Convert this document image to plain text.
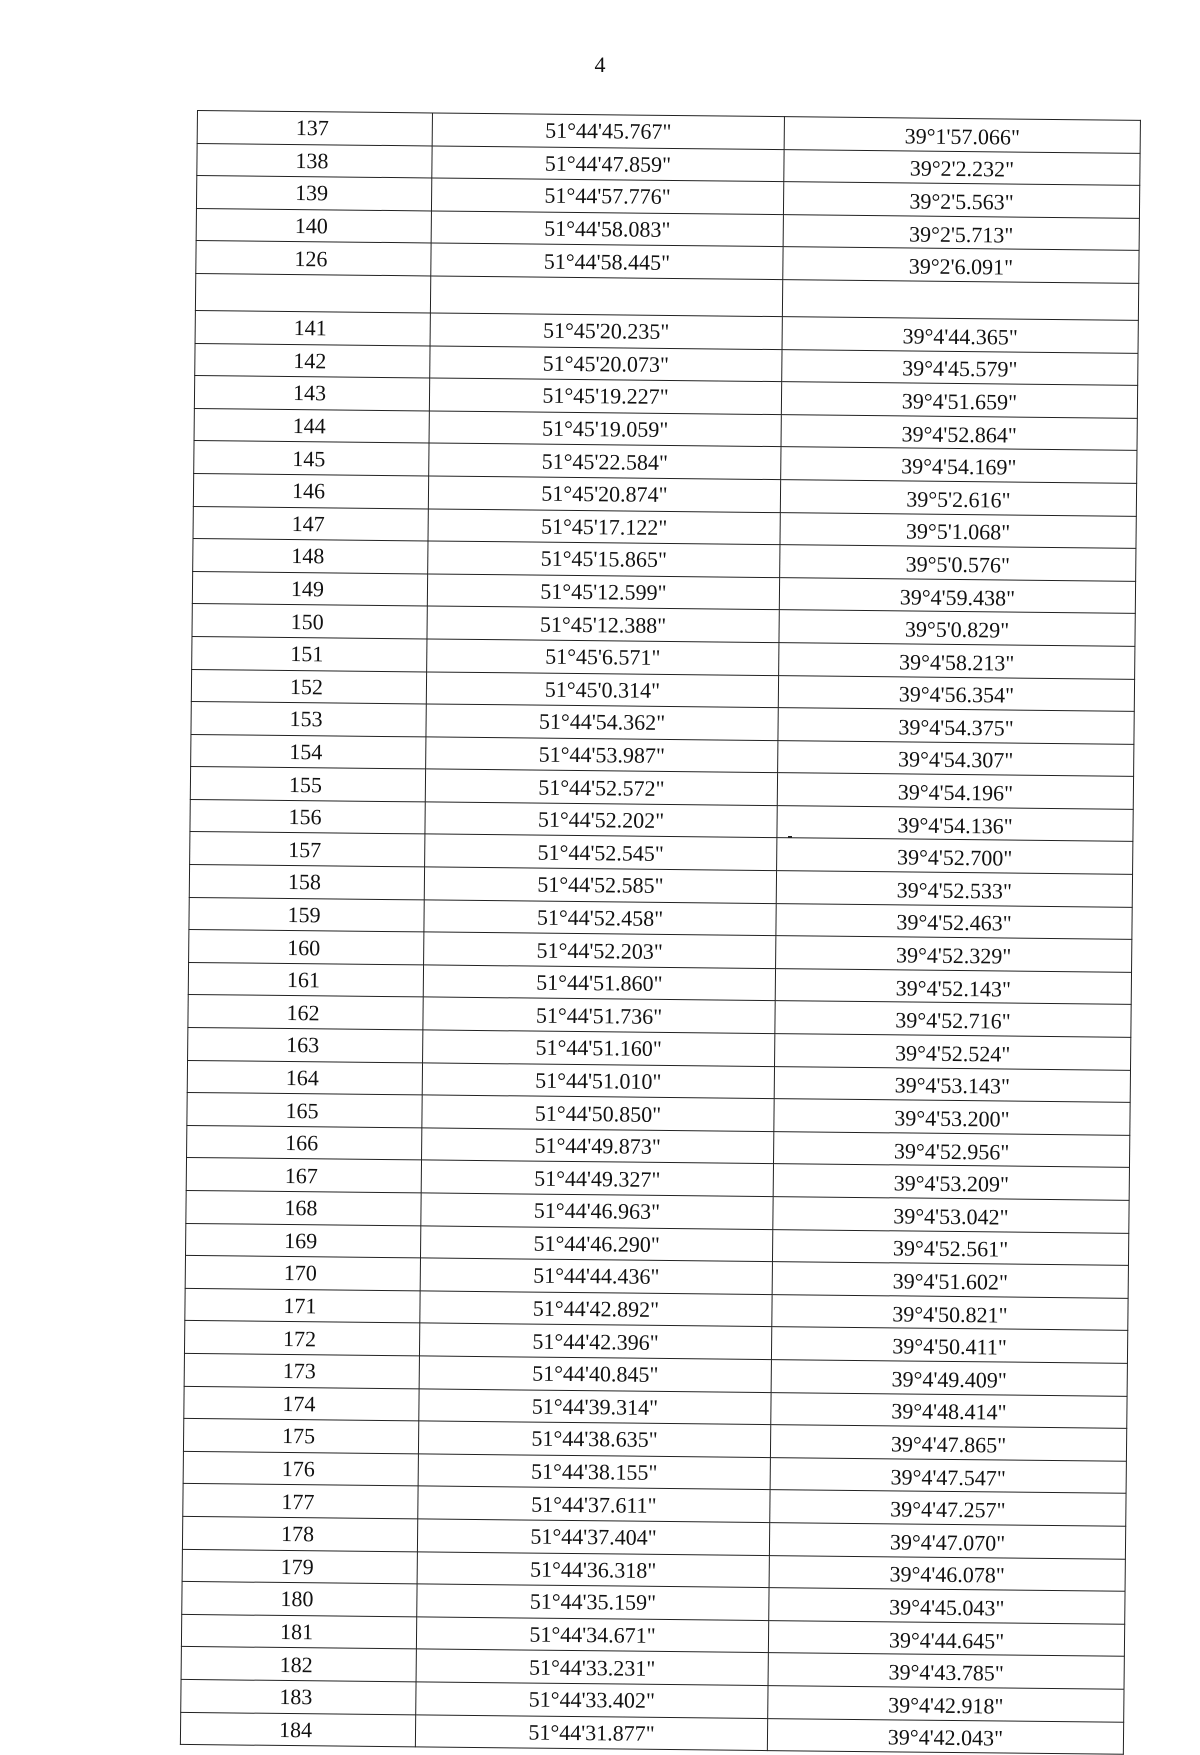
4
137	51°44'45.767"	39°1'57.066"
138	51°44'47.859"	39°2'2.232"
139	51°44'57.776"	39°2'5.563"
140	51°44'58.083"	39°2'5.713"
126	51°44'58.445"	39°2'6.091"

141	51°45'20.235"	39°4'44.365"
142	51°45'20.073"	39°4'45.579"
143	51°45'19.227"	39°4'51.659"
144	51°45'19.059"	39°4'52.864"
145	51°45'22.584"	39°4'54.169"
146	51°45'20.874"	39°5'2.616"
147	51°45'17.122"	39°5'1.068"
148	51°45'15.865"	39°5'0.576"
149	51°45'12.599"	39°4'59.438"
150	51°45'12.388"	39°5'0.829"
151	51°45'6.571"	39°4'58.213"
152	51°45'0.314"	39°4'56.354"
153	51°44'54.362"	39°4'54.375"
154	51°44'53.987"	39°4'54.307"
155	51°44'52.572"	39°4'54.196"
156	51°44'52.202"	39°4'54.136"
157	51°44'52.545"	39°4'52.700"
158	51°44'52.585"	39°4'52.533"
159	51°44'52.458"	39°4'52.463"
160	51°44'52.203"	39°4'52.329"
161	51°44'51.860"	39°4'52.143"
162	51°44'51.736"	39°4'52.716"
163	51°44'51.160"	39°4'52.524"
164	51°44'51.010"	39°4'53.143"
165	51°44'50.850"	39°4'53.200"
166	51°44'49.873"	39°4'52.956"
167	51°44'49.327"	39°4'53.209"
168	51°44'46.963"	39°4'53.042"
169	51°44'46.290"	39°4'52.561"
170	51°44'44.436"	39°4'51.602"
171	51°44'42.892"	39°4'50.821"
172	51°44'42.396"	39°4'50.411"
173	51°44'40.845"	39°4'49.409"
174	51°44'39.314"	39°4'48.414"
175	51°44'38.635"	39°4'47.865"
176	51°44'38.155"	39°4'47.547"
177	51°44'37.611"	39°4'47.257"
178	51°44'37.404"	39°4'47.070"
179	51°44'36.318"	39°4'46.078"
180	51°44'35.159"	39°4'45.043"
181	51°44'34.671"	39°4'44.645"
182	51°44'33.231"	39°4'43.785"
183	51°44'33.402"	39°4'42.918"
184	51°44'31.877"	39°4'42.043"
